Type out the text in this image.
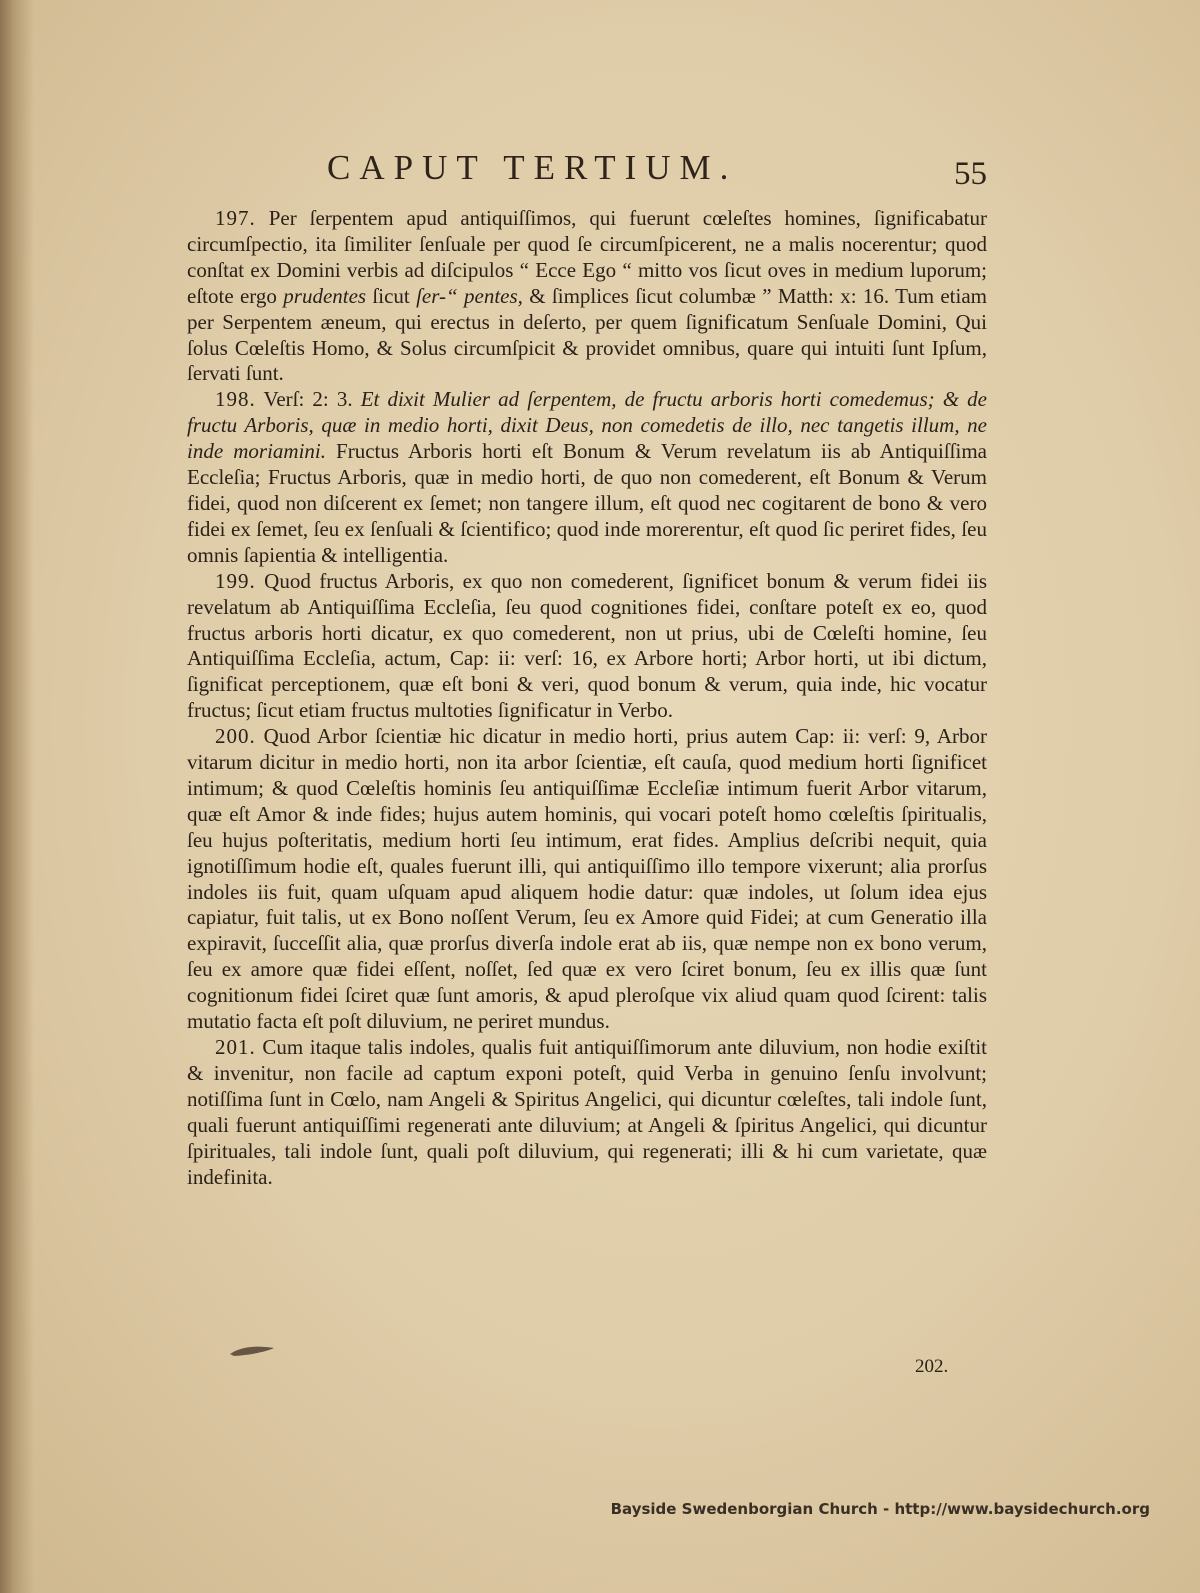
CAPUT TERTIUM.	55

197. Per ſerpentem apud antiquiſſimos, qui fuerunt cœleſtes homines, ſignificabatur circumſpectio, ita ſimiliter ſenſuale per quod ſe circumſpicerent, ne a malis nocerentur; quod conſtat ex Domini verbis ad diſcipulos “ Ecce Ego “ mitto vos ſicut oves in medium luporum; eſtote ergo prudentes ſicut ſer-“ pentes, & ſimplices ſicut columbæ ” Matth: x: 16. Tum etiam per Serpentem æneum, qui erectus in deſerto, per quem ſignificatum Senſuale Domini, Qui ſolus Cœleſtis Homo, & Solus circumſpicit & providet omnibus, quare qui intuiti ſunt Ipſum, ſervati ſunt.

198. Verſ: 2: 3. Et dixit Mulier ad ſerpentem, de fructu arboris horti comedemus; & de fructu Arboris, quæ in medio horti, dixit Deus, non comedetis de illo, nec tangetis illum, ne inde moriamini. Fructus Arboris horti eſt Bonum & Verum revelatum iis ab Antiquiſſima Eccleſia; Fructus Arboris, quæ in medio horti, de quo non comederent, eſt Bonum & Verum fidei, quod non diſcerent ex ſemet; non tangere illum, eſt quod nec cogitarent de bono & vero fidei ex ſemet, ſeu ex ſenſuali & ſcientifico; quod inde morerentur, eſt quod ſic periret fides, ſeu omnis ſapientia & intelligentia.

199. Quod fructus Arboris, ex quo non comederent, ſignificet bonum & verum fidei iis revelatum ab Antiquiſſima Eccleſia, ſeu quod cognitiones fidei, conſtare poteſt ex eo, quod fructus arboris horti dicatur, ex quo comederent, non ut prius, ubi de Cœleſti homine, ſeu Antiquiſſima Eccleſia, actum, Cap: ii: verſ: 16, ex Arbore horti; Arbor horti, ut ibi dictum, ſignificat perceptionem, quæ eſt boni & veri, quod bonum & verum, quia inde, hic vocatur fructus; ſicut etiam fructus multoties ſignificatur in Verbo.

200. Quod Arbor ſcientiæ hic dicatur in medio horti, prius autem Cap: ii: verſ: 9, Arbor vitarum dicitur in medio horti, non ita arbor ſcientiæ, eſt cauſa, quod medium horti ſignificet intimum; & quod Cœleſtis hominis ſeu antiquiſſimæ Eccleſiæ intimum fuerit Arbor vitarum, quæ eſt Amor & inde fides; hujus autem hominis, qui vocari poteſt homo cœleſtis ſpiritualis, ſeu hujus poſteritatis, medium horti ſeu intimum, erat fides. Amplius deſcribi nequit, quia ignotiſſimum hodie eſt, quales fuerunt illi, qui antiquiſſimo illo tempore vixerunt; alia prorſus indoles iis fuit, quam uſquam apud aliquem hodie datur: quæ indoles, ut ſolum idea ejus capiatur, fuit talis, ut ex Bono noſſent Verum, ſeu ex Amore quid Fidei; at cum Generatio illa expiravit, ſucceſſit alia, quæ prorſus diverſa indole erat ab iis, quæ nempe non ex bono verum, ſeu ex amore quæ fidei eſſent, noſſet, ſed quæ ex vero ſciret bonum, ſeu ex illis quæ ſunt cognitionum fidei ſciret quæ ſunt amoris, & apud pleroſque vix aliud quam quod ſcirent: talis mutatio facta eſt poſt diluvium, ne periret mundus.

201. Cum itaque talis indoles, qualis fuit antiquiſſimorum ante diluvium, non hodie exiſtit & invenitur, non facile ad captum exponi poteſt, quid Verba in genuino ſenſu involvunt; notiſſima ſunt in Cœlo, nam Angeli & Spiritus Angelici, qui dicuntur cœleſtes, tali indole ſunt, quali fuerunt antiquiſſimi regenerati ante diluvium; at Angeli & ſpiritus Angelici, qui dicuntur ſpirituales, tali indole ſunt, quali poſt diluvium, qui regenerati; illi & hi cum varietate, quæ indefinita.

202.
Bayside Swedenborgian Church - http://www.baysidechurch.org
